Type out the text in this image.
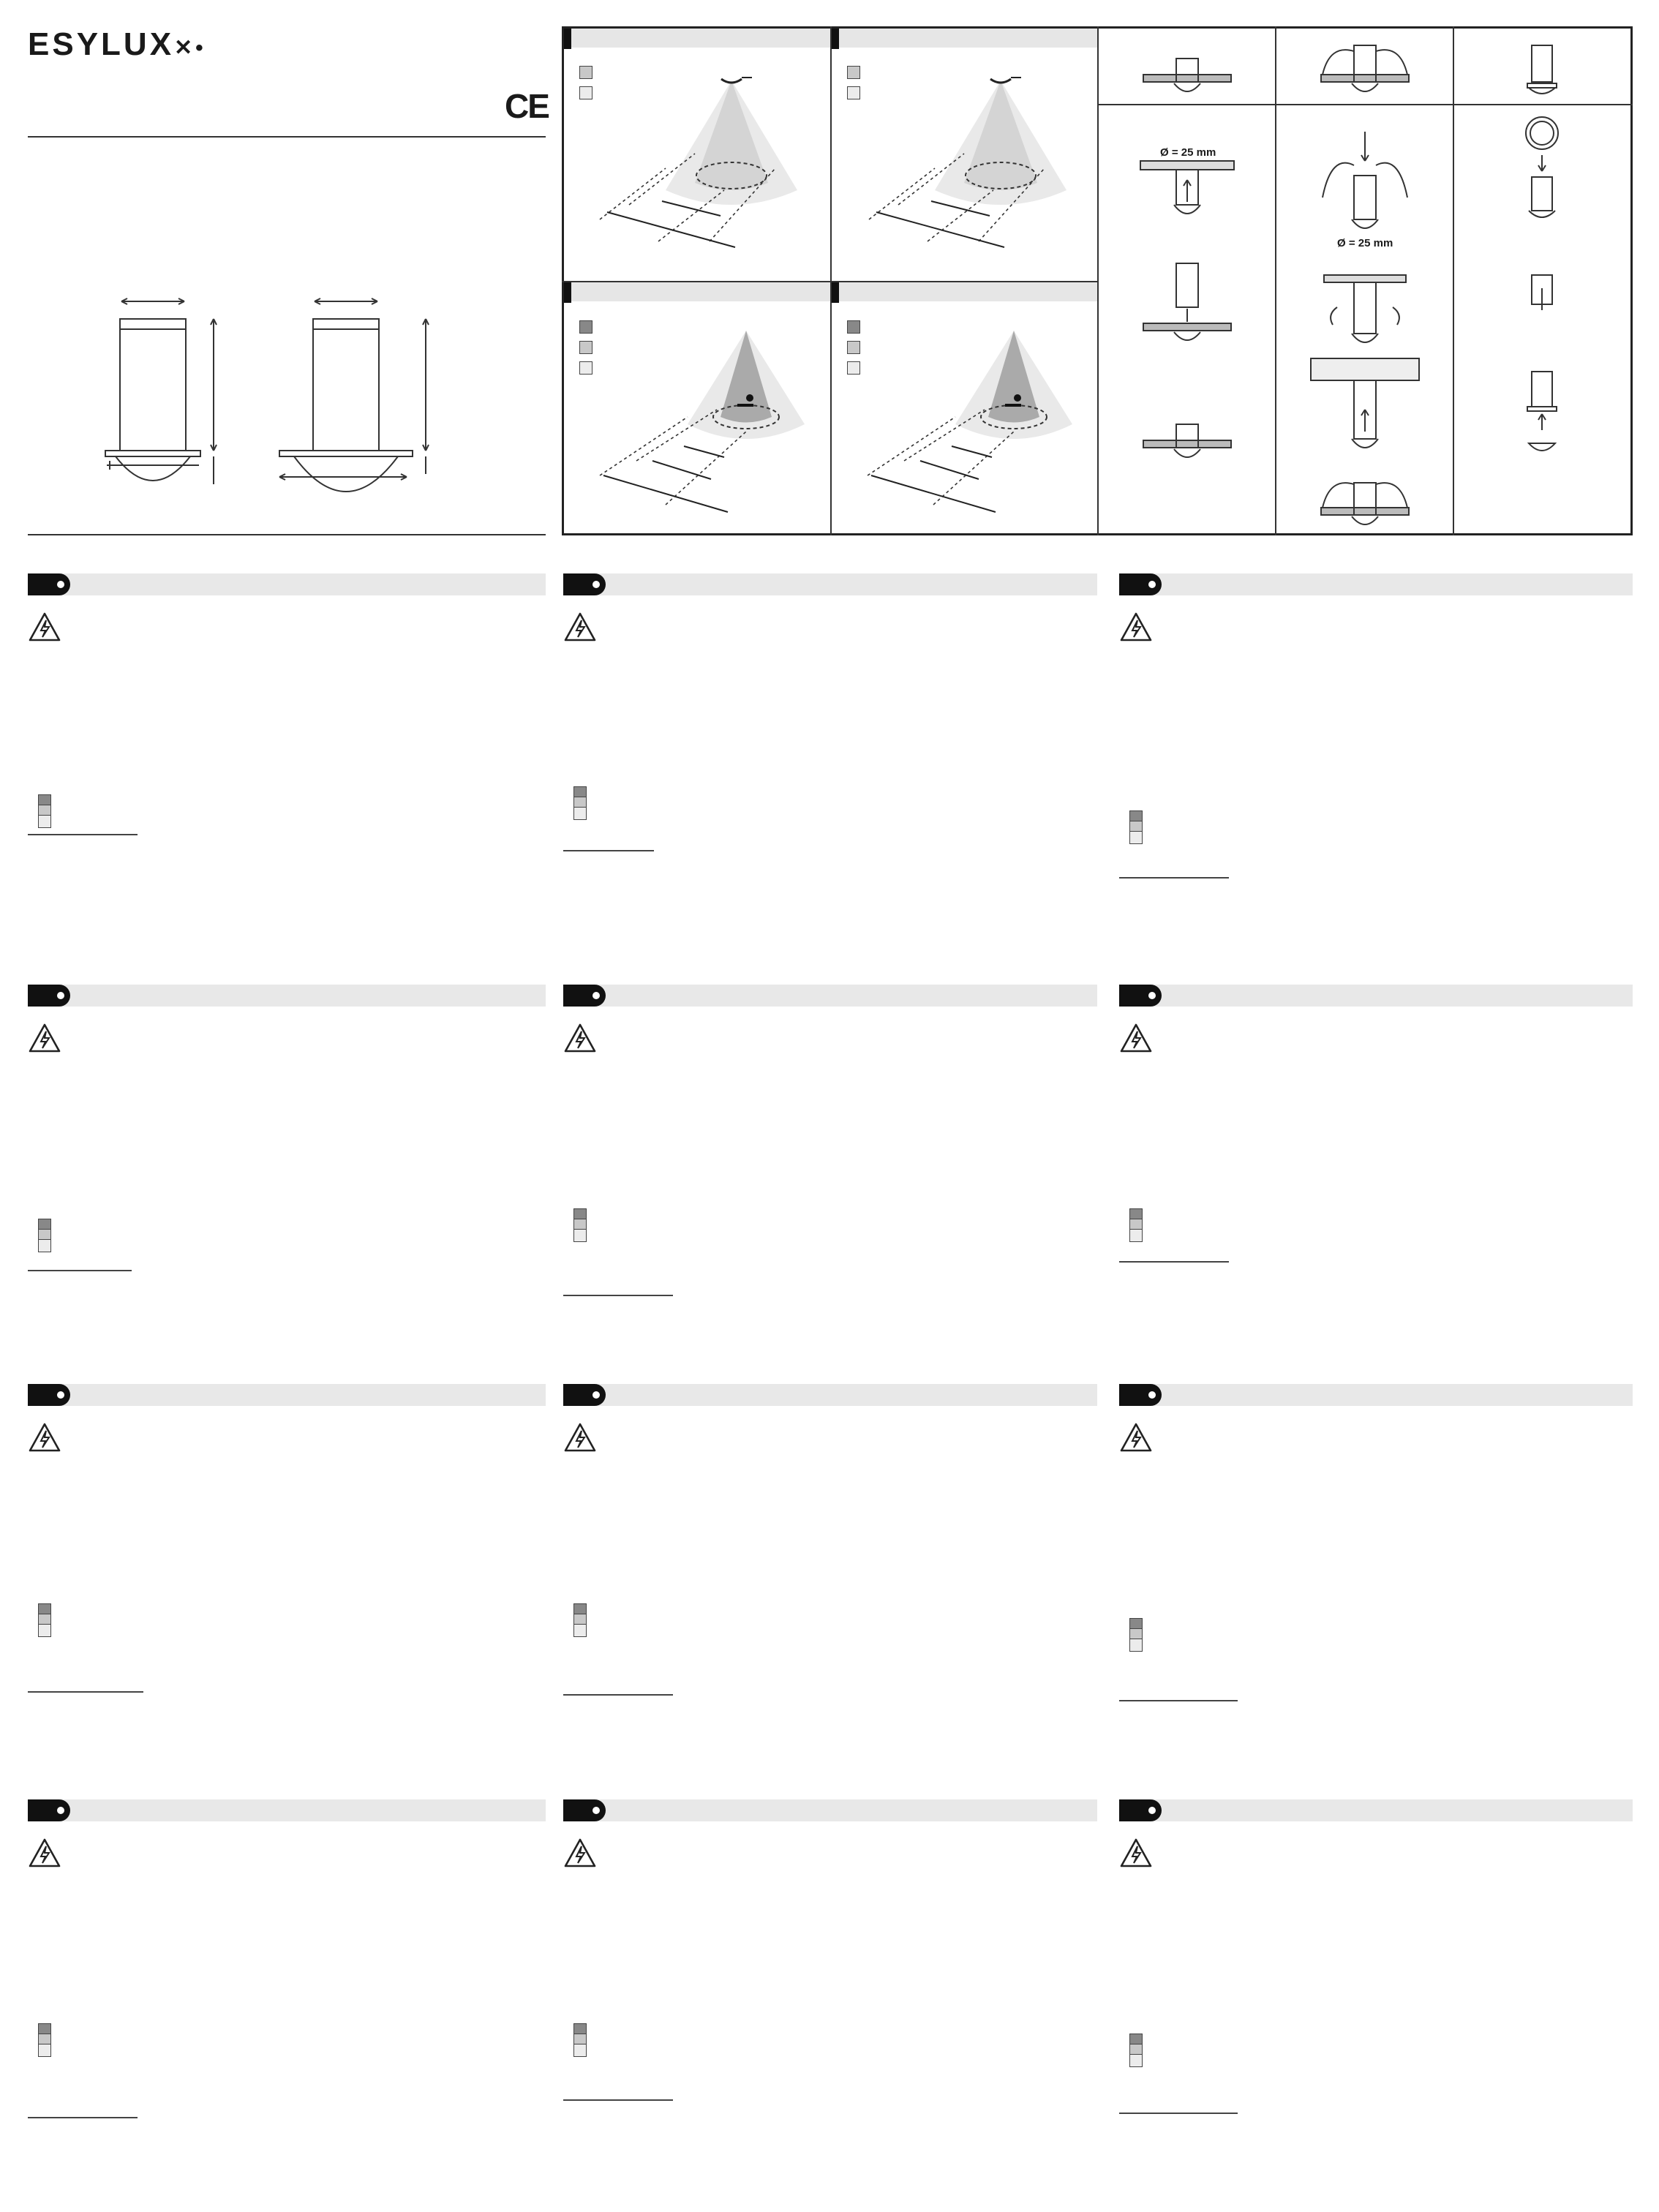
ESYLUX✕•
CE
Ø = 25 mm
Ø = 25 mm
